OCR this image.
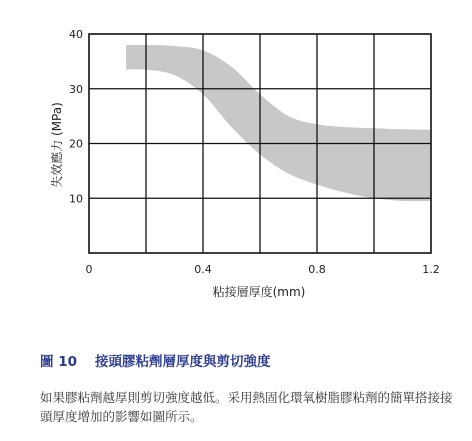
0	0.4	0.8	1.2
10
20
30
40
粘接層厚度(mm)
失效應力 (MPa)

圖 10 接頭膠粘劑層厚度與剪切強度

如果膠粘劑越厚則剪切強度越低。采用熱固化環氧樹脂膠粘劑的簡單搭接接頭厚度增加的影響如圖所示。
